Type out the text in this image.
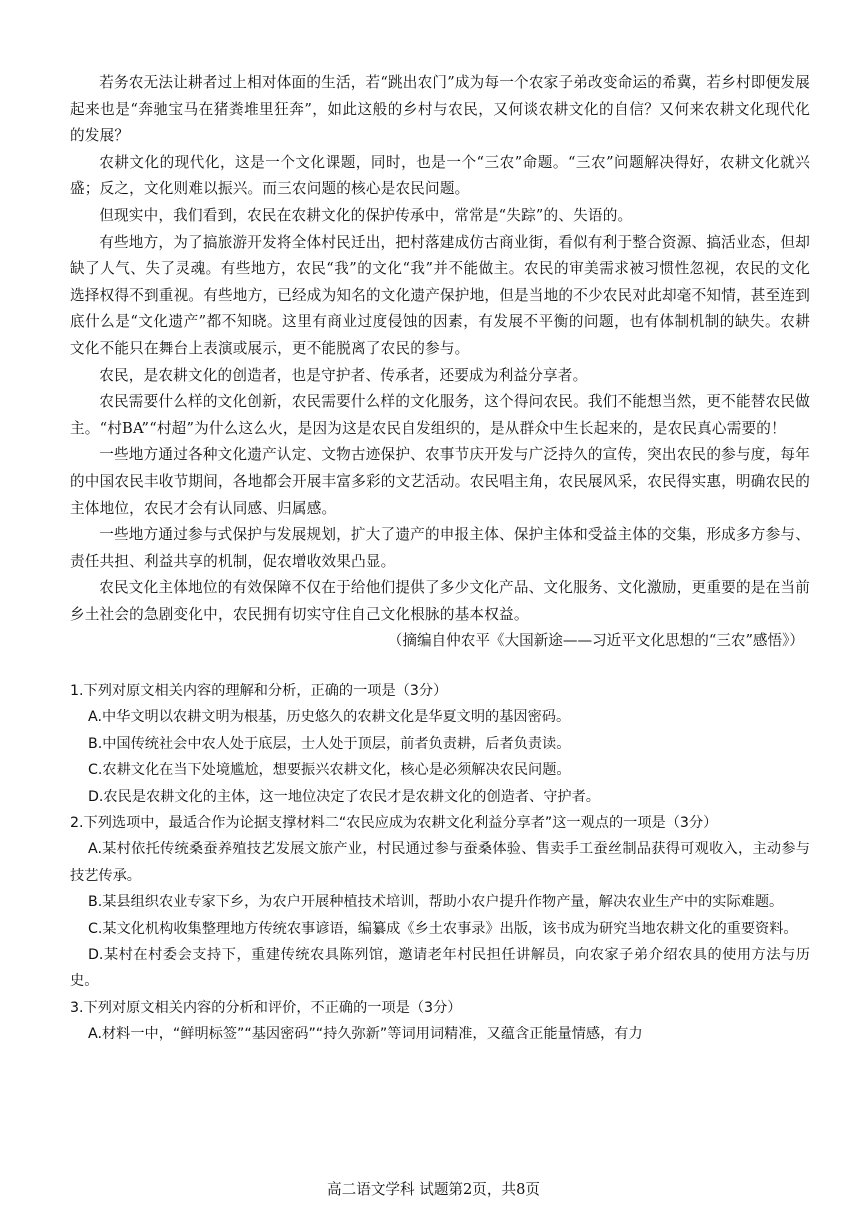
若务农无法让耕者过上相对体面的生活，若“跳出农门”成为每一个农家子弟改变命运的希冀，若乡村即便发展起来也是“奔驰宝马在猪粪堆里狂奔”，如此这般的乡村与农民，又何谈农耕文化的自信？又何来农耕文化现代化的发展？

农耕文化的现代化，这是一个文化课题，同时，也是一个“三农”命题。“三农”问题解决得好，农耕文化就兴盛；反之，文化则难以振兴。而三农问题的核心是农民问题。

但现实中，我们看到，农民在农耕文化的保护传承中，常常是“失踪”的、失语的。

有些地方，为了搞旅游开发将全体村民迁出，把村落建成仿古商业街，看似有利于整合资源、搞活业态，但却缺了人气、失了灵魂。有些地方，农民“我”的文化“我”并不能做主。农民的审美需求被习惯性忽视，农民的文化选择权得不到重视。有些地方，已经成为知名的文化遗产保护地，但是当地的不少农民对此却毫不知情，甚至连到底什么是“文化遗产”都不知晓。这里有商业过度侵蚀的因素，有发展不平衡的问题，也有体制机制的缺失。农耕文化不能只在舞台上表演或展示，更不能脱离了农民的参与。

农民，是农耕文化的创造者，也是守护者、传承者，还要成为利益分享者。

农民需要什么样的文化创新，农民需要什么样的文化服务，这个得问农民。我们不能想当然，更不能替农民做主。“村BA”“村超”为什么这么火，是因为这是农民自发组织的，是从群众中生长起来的，是农民真心需要的！

一些地方通过各种文化遗产认定、文物古迹保护、农事节庆开发与广泛持久的宣传，突出农民的参与度，每年的中国农民丰收节期间，各地都会开展丰富多彩的文艺活动。农民唱主角，农民展风采，农民得实惠，明确农民的主体地位，农民才会有认同感、归属感。

一些地方通过参与式保护与发展规划，扩大了遗产的申报主体、保护主体和受益主体的交集，形成多方参与、责任共担、利益共享的机制，促农增收效果凸显。

农民文化主体地位的有效保障不仅在于给他们提供了多少文化产品、文化服务、文化激励，更重要的是在当前乡土社会的急剧变化中，农民拥有切实守住自己文化根脉的基本权益。

（摘编自仲农平《大国新途——习近平文化思想的“三农”感悟》）

1.下列对原文相关内容的理解和分析，正确的一项是（3分）

A.中华文明以农耕文明为根基，历史悠久的农耕文化是华夏文明的基因密码。

B.中国传统社会中农人处于底层，士人处于顶层，前者负责耕，后者负责读。

C.农耕文化在当下处境尴尬，想要振兴农耕文化，核心是必须解决农民问题。

D.农民是农耕文化的主体，这一地位决定了农民才是农耕文化的创造者、守护者。

2.下列选项中，最适合作为论据支撑材料二“农民应成为农耕文化利益分享者”这一观点的一项是（3分）

A.某村依托传统桑蚕养殖技艺发展文旅产业，村民通过参与蚕桑体验、售卖手工蚕丝制品获得可观收入，主动参与技艺传承。

B.某县组织农业专家下乡，为农户开展种植技术培训，帮助小农户提升作物产量，解决农业生产中的实际难题。

C.某文化机构收集整理地方传统农事谚语，编纂成《乡土农事录》出版，该书成为研究当地农耕文化的重要资料。

D.某村在村委会支持下，重建传统农具陈列馆，邀请老年村民担任讲解员，向农家子弟介绍农具的使用方法与历史。

3.下列对原文相关内容的分析和评价，不正确的一项是（3分）

A.材料一中，“鲜明标签”“基因密码”“持久弥新”等词用词精准，又蕴含正能量情感，有力

高二语文学科 试题第2页，共8页
